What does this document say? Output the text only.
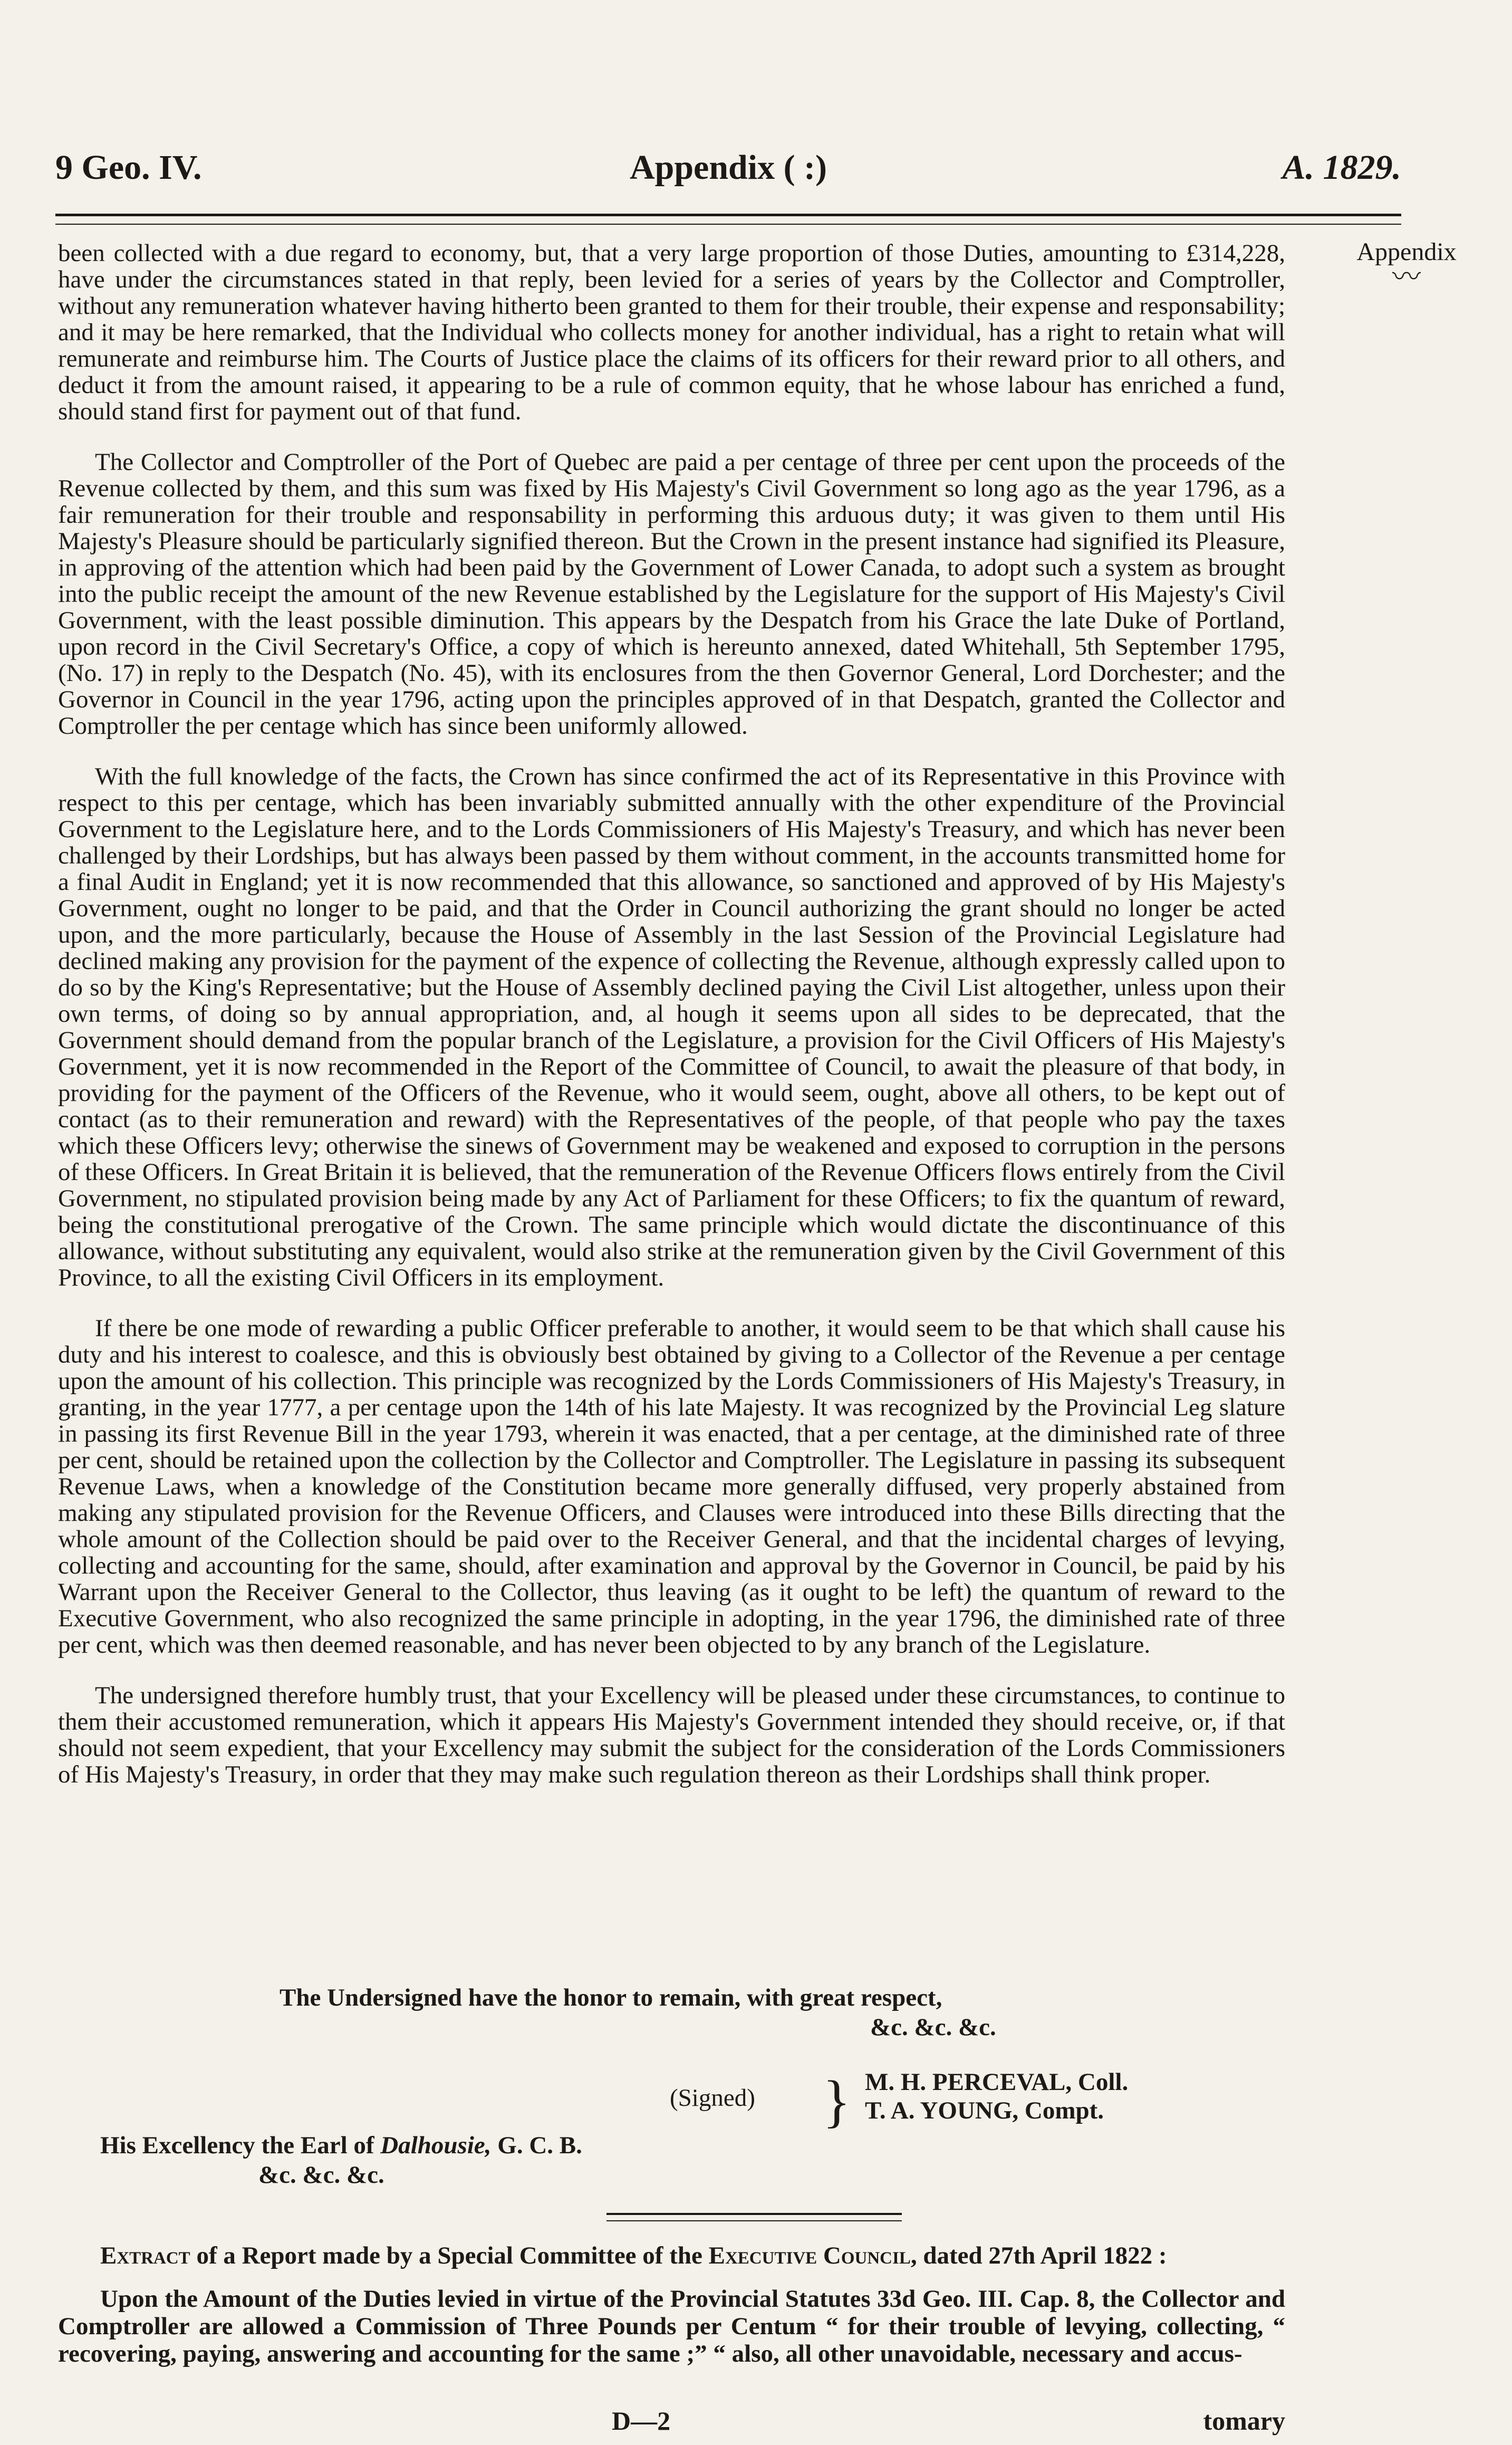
9 Geo. IV.	Appendix ( :)	A. 1829.
Appendix
〰

been collected with a due regard to economy, but, that a very large proportion of those Duties, amounting to £314,228, have under the circumstances stated in that reply, been levied for a series of years by the Collector and Comptroller, without any remuneration whatever having hitherto been granted to them for their trouble, their expense and responsability; and it may be here remarked, that the Individual who collects money for another individual, has a right to retain what will remunerate and reimburse him. The Courts of Justice place the claims of its officers for their reward prior to all others, and deduct it from the amount raised, it appearing to be a rule of common equity, that he whose labour has enriched a fund, should stand first for payment out of that fund.

The Collector and Comptroller of the Port of Quebec are paid a per centage of three per cent upon the proceeds of the Revenue collected by them, and this sum was fixed by His Majesty's Civil Government so long ago as the year 1796, as a fair remuneration for their trouble and responsability in performing this arduous duty; it was given to them until His Majesty's Pleasure should be particularly signified thereon. But the Crown in the present instance had signified its Pleasure, in approving of the attention which had been paid by the Government of Lower Canada, to adopt such a system as brought into the public receipt the amount of the new Revenue established by the Legislature for the support of His Majesty's Civil Government, with the least possible diminution. This appears by the Despatch from his Grace the late Duke of Portland, upon record in the Civil Secretary's Office, a copy of which is hereunto annexed, dated Whitehall, 5th September 1795, (No. 17) in reply to the Despatch (No. 45), with its enclosures from the then Governor General, Lord Dorchester; and the Governor in Council in the year 1796, acting upon the principles approved of in that Despatch, granted the Collector and Comptroller the per centage which has since been uniformly allowed.

With the full knowledge of the facts, the Crown has since confirmed the act of its Representative in this Province with respect to this per centage, which has been invariably submitted annually with the other expenditure of the Provincial Government to the Legislature here, and to the Lords Commissioners of His Majesty's Treasury, and which has never been challenged by their Lordships, but has always been passed by them without comment, in the accounts transmitted home for a final Audit in England; yet it is now recommended that this allowance, so sanctioned and approved of by His Majesty's Government, ought no longer to be paid, and that the Order in Council authorizing the grant should no longer be acted upon, and the more particularly, because the House of Assembly in the last Session of the Provincial Legislature had declined making any provision for the payment of the expence of collecting the Revenue, although expressly called upon to do so by the King's Representative; but the House of Assembly declined paying the Civil List altogether, unless upon their own terms, of doing so by annual appropriation, and, al hough it seems upon all sides to be deprecated, that the Government should demand from the popular branch of the Legislature, a provision for the Civil Officers of His Majesty's Government, yet it is now recommended in the Report of the Committee of Council, to await the pleasure of that body, in providing for the payment of the Officers of the Revenue, who it would seem, ought, above all others, to be kept out of contact (as to their remuneration and reward) with the Representatives of the people, of that people who pay the taxes which these Officers levy; otherwise the sinews of Government may be weakened and exposed to corruption in the persons of these Officers. In Great Britain it is believed, that the remuneration of the Revenue Officers flows entirely from the Civil Government, no stipulated provision being made by any Act of Parliament for these Officers; to fix the quantum of reward, being the constitutional prerogative of the Crown. The same principle which would dictate the discontinuance of this allowance, without substituting any equivalent, would also strike at the remuneration given by the Civil Government of this Province, to all the existing Civil Officers in its employment.

If there be one mode of rewarding a public Officer preferable to another, it would seem to be that which shall cause his duty and his interest to coalesce, and this is obviously best obtained by giving to a Collector of the Revenue a per centage upon the amount of his collection. This principle was recognized by the Lords Commissioners of His Majesty's Treasury, in granting, in the year 1777, a per centage upon the 14th of his late Majesty. It was recognized by the Provincial Leg slature in passing its first Revenue Bill in the year 1793, wherein it was enacted, that a per centage, at the diminished rate of three per cent, should be retained upon the collection by the Collector and Comptroller. The Legislature in passing its subsequent Revenue Laws, when a knowledge of the Constitution became more generally diffused, very properly abstained from making any stipulated provision for the Revenue Officers, and Clauses were introduced into these Bills directing that the whole amount of the Collection should be paid over to the Receiver General, and that the incidental charges of levying, collecting and accounting for the same, should, after examination and approval by the Governor in Council, be paid by his Warrant upon the Receiver General to the Collector, thus leaving (as it ought to be left) the quantum of reward to the Executive Government, who also recognized the same principle in adopting, in the year 1796, the diminished rate of three per cent, which was then deemed reasonable, and has never been objected to by any branch of the Legislature.

The undersigned therefore humbly trust, that your Excellency will be pleased under these circumstances, to continue to them their accustomed remuneration, which it appears His Majesty's Government intended they should receive, or, if that should not seem expedient, that your Excellency may submit the subject for the consideration of the Lords Commissioners of His Majesty's Treasury, in order that they may make such regulation thereon as their Lordships shall think proper.

The Undersigned have the honor to remain, with great respect,
&c. &c. &c.
(Signed) } M. H. PERCEVAL, Coll.
T. A. YOUNG, Compt.
His Excellency the Earl of Dalhousie, G. C. B.
&c. &c. &c.
Extract of a Report made by a Special Committee of the Executive Council, dated 27th April 1822 :

Upon the Amount of the Duties levied in virtue of the Provincial Statutes 33d Geo. III. Cap. 8, the Collector and Comptroller are allowed a Commission of Three Pounds per Centum “ for their trouble of levying, collecting, “ recovering, paying, answering and accounting for the same ;” “ also, all other unavoidable, necessary and accus-

D—2	tomary
